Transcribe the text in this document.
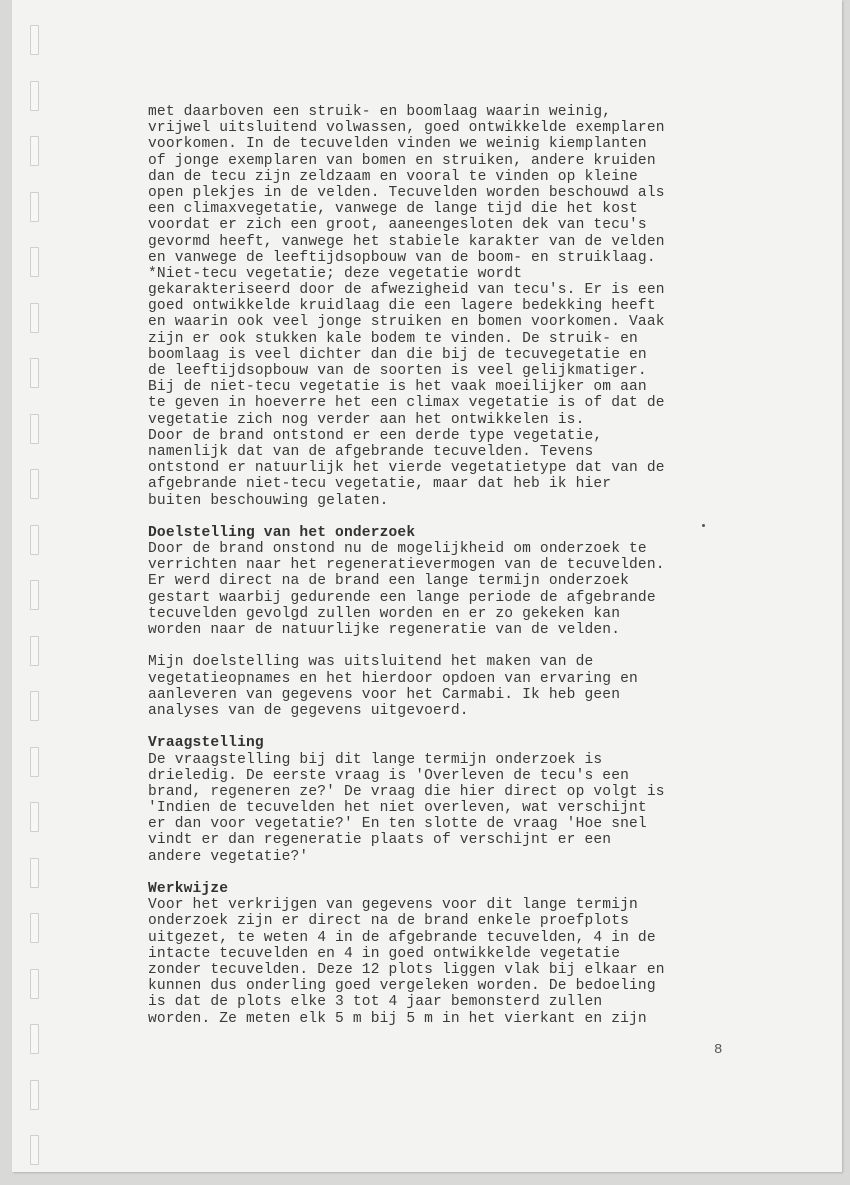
met daarboven een struik- en boomlaag waarin weinig,
vrijwel uitsluitend volwassen, goed ontwikkelde exemplaren
voorkomen. In de tecuvelden vinden we weinig kiemplanten
of jonge exemplaren van bomen en struiken, andere kruiden
dan de tecu zijn zeldzaam en vooral te vinden op kleine
open plekjes in de velden. Tecuvelden worden beschouwd als
een climaxvegetatie, vanwege de lange tijd die het kost
voordat er zich een groot, aaneengesloten dek van tecu's
gevormd heeft, vanwege het stabiele karakter van de velden
en vanwege de leeftijdsopbouw van de boom- en struiklaag.
*Niet-tecu vegetatie; deze vegetatie wordt
gekarakteriseerd door de afwezigheid van tecu's. Er is een
goed ontwikkelde kruidlaag die een lagere bedekking heeft
en waarin ook veel jonge struiken en bomen voorkomen. Vaak
zijn er ook stukken kale bodem te vinden. De struik- en
boomlaag is veel dichter dan die bij de tecuvegetatie en
de leeftijdsopbouw van de soorten is veel gelijkmatiger.
Bij de niet-tecu vegetatie is het vaak moeilijker om aan
te geven in hoeverre het een climax vegetatie is of dat de
vegetatie zich nog verder aan het ontwikkelen is.
Door de brand ontstond er een derde type vegetatie,
namenlijk dat van de afgebrande tecuvelden. Tevens
ontstond er natuurlijk het vierde vegetatietype dat van de
afgebrande niet-tecu vegetatie, maar dat heb ik hier
buiten beschouwing gelaten.
Doelstelling van het onderzoek
Door de brand onstond nu de mogelijkheid om onderzoek te
verrichten naar het regeneratievermogen van de tecuvelden.
Er werd direct na de brand een lange termijn onderzoek
gestart waarbij gedurende een lange periode de afgebrande
tecuvelden gevolgd zullen worden en er zo gekeken kan
worden naar de natuurlijke regeneratie van de velden.
Mijn doelstelling was uitsluitend het maken van de
vegetatieopnames en het hierdoor opdoen van ervaring en
aanleveren van gegevens voor het Carmabi. Ik heb geen
analyses van de gegevens uitgevoerd.
Vraagstelling
De vraagstelling bij dit lange termijn onderzoek is
drieledig. De eerste vraag is 'Overleven de tecu's een
brand, regeneren ze?' De vraag die hier direct op volgt is
'Indien de tecuvelden het niet overleven, wat verschijnt
er dan voor vegetatie?' En ten slotte de vraag 'Hoe snel
vindt er dan regeneratie plaats of verschijnt er een
andere vegetatie?'
Werkwijze
Voor het verkrijgen van gegevens voor dit lange termijn
onderzoek zijn er direct na de brand enkele proefplots
uitgezet, te weten 4 in de afgebrande tecuvelden, 4 in de
intacte tecuvelden en 4 in goed ontwikkelde vegetatie
zonder tecuvelden. Deze 12 plots liggen vlak bij elkaar en
kunnen dus onderling goed vergeleken worden. De bedoeling
is dat de plots elke 3 tot 4 jaar bemonsterd zullen
worden. Ze meten elk 5 m bij 5 m in het vierkant en zijn
8
